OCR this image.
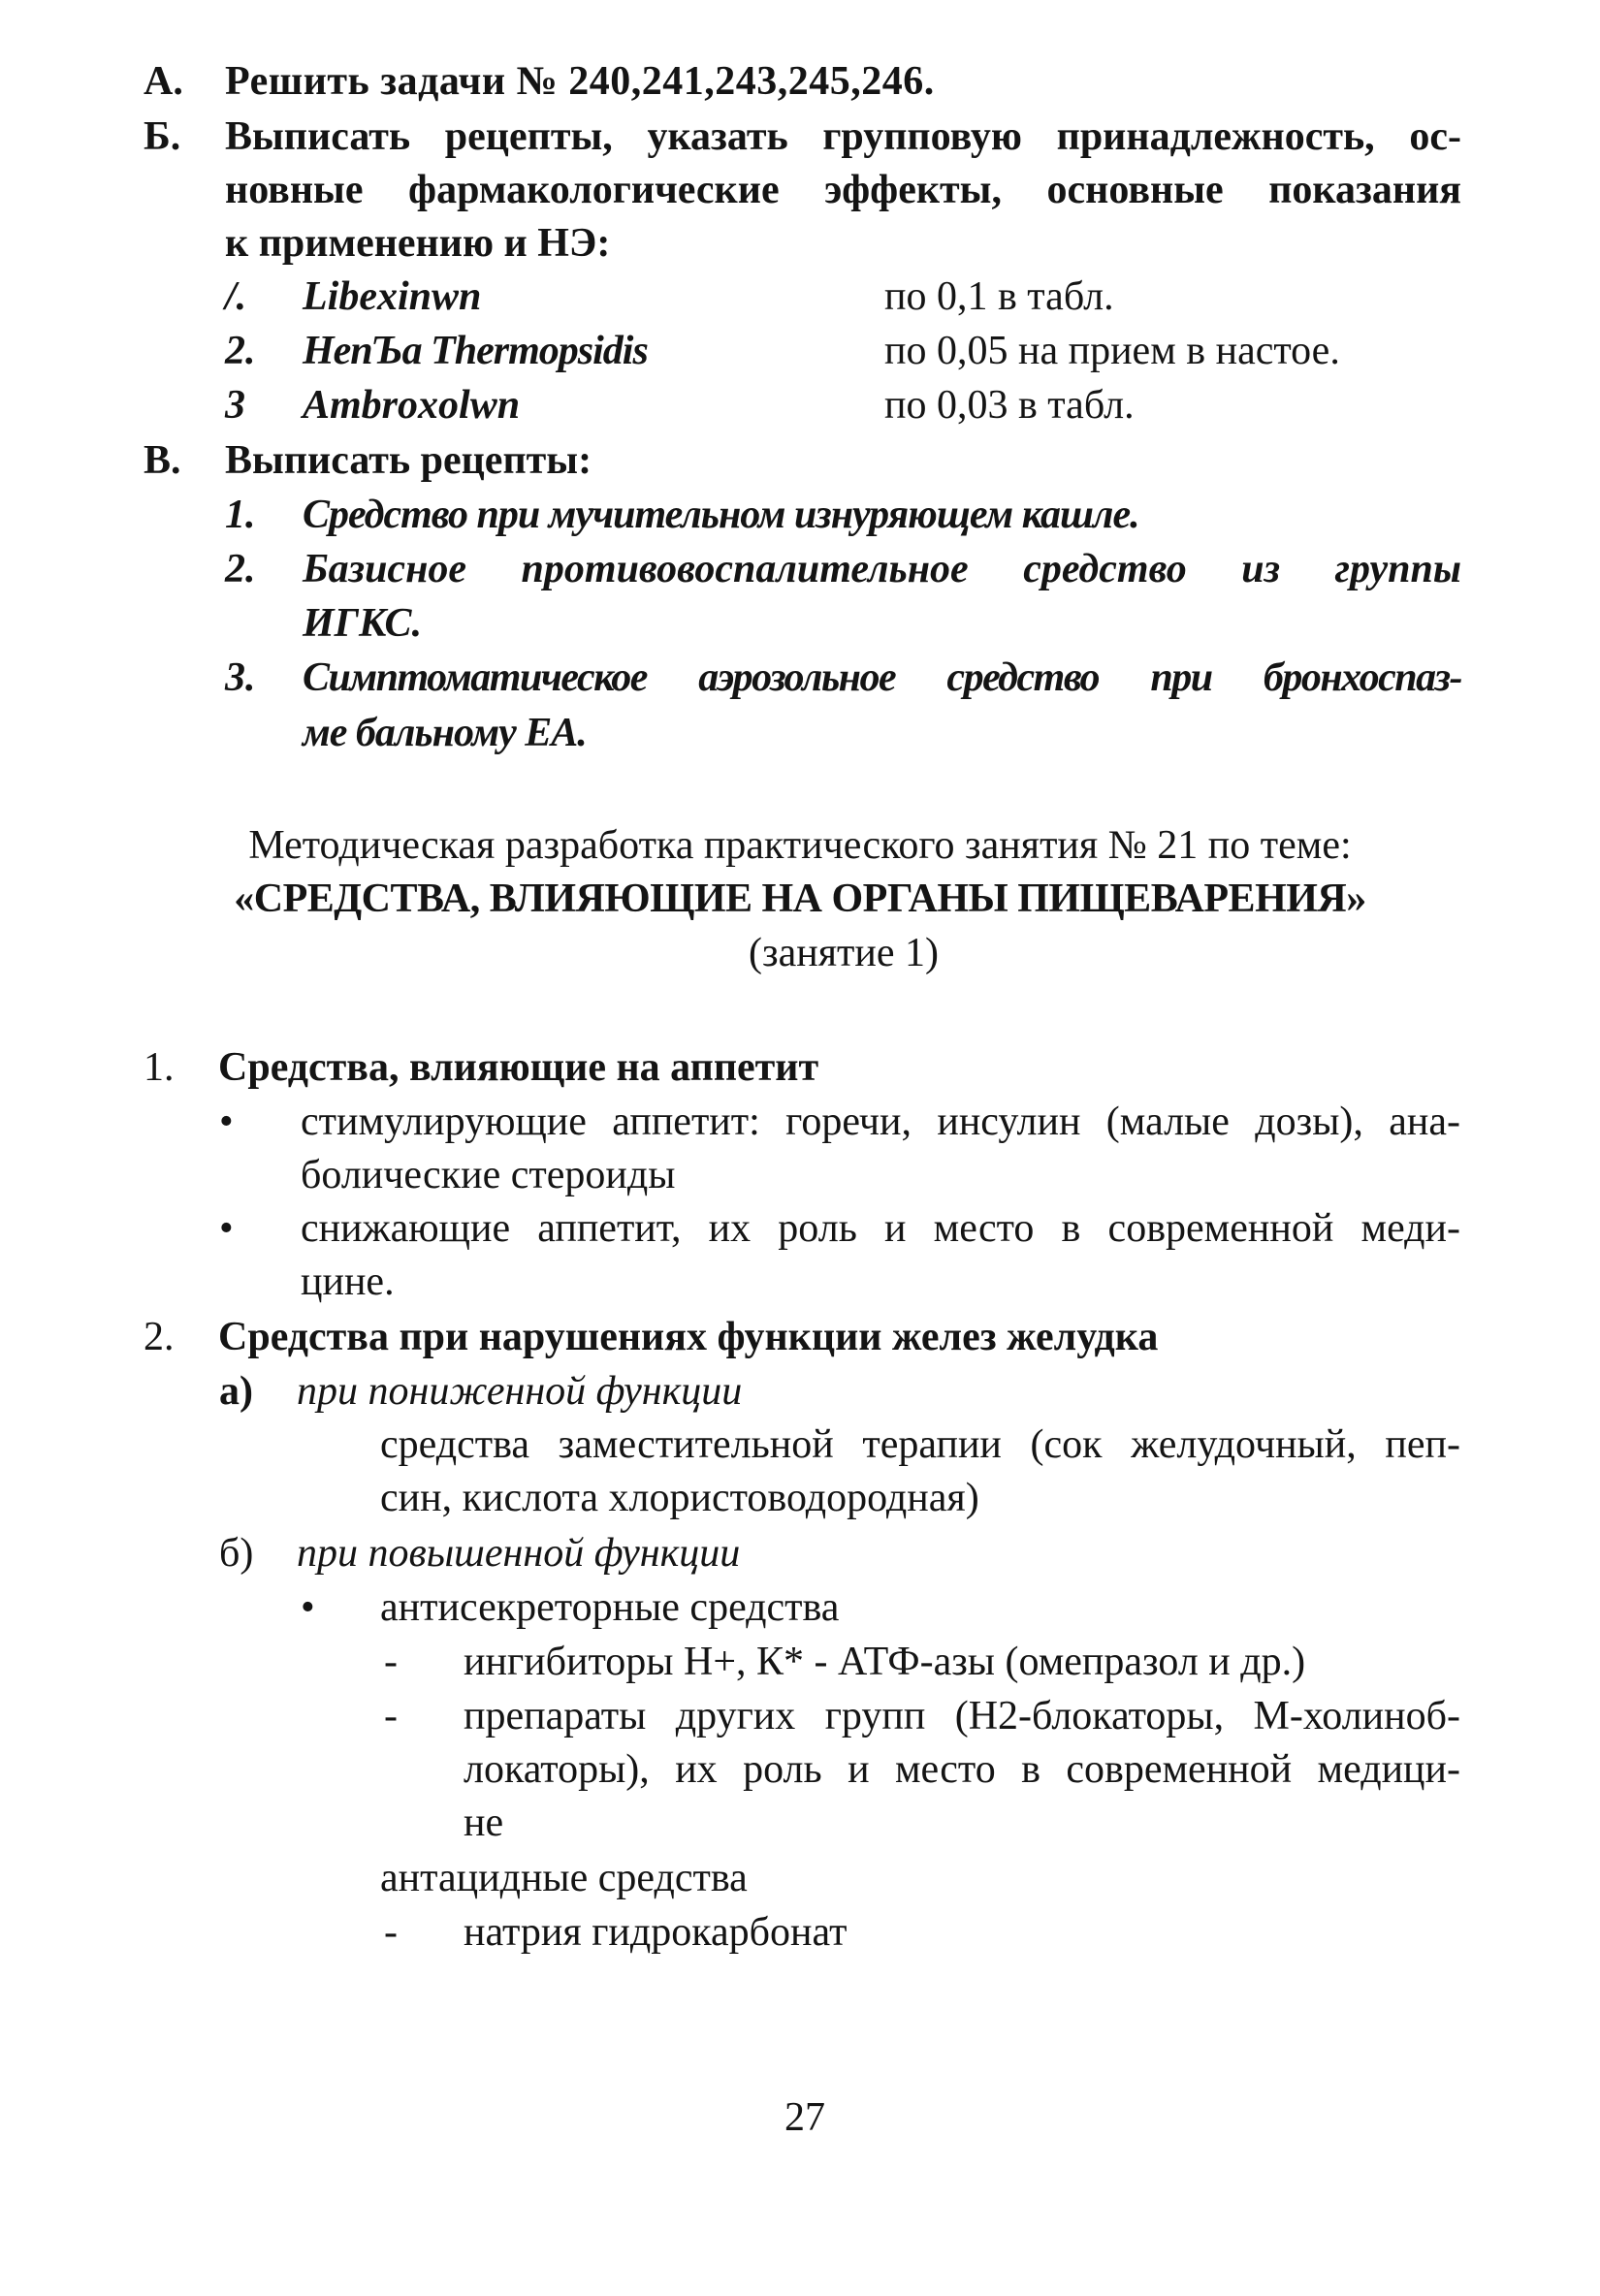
А. Решить задачи № 240,241,243,245,246.
Б. Выписать рецепты, указать групповую принадлежность, ос-
новные фармакологические эффекты, основные показания
к применению и НЭ:
/. Libexinwn	по 0,1 в табл.
2. HenЪa Thermopsidis	по 0,05 на прием в настое.
3 Ambroxolwn	по 0,03 в табл.
В. Выписать рецепты:
1. Средство при мучительном изнуряющем кашле.
2. Базисное противовоспалительное средство из группы
ИГКС.
3. Симптоматическое аэрозольное средство при бронхоспаз-
ме бальному ЕА.
Методическая разработка практического занятия № 21 по теме:
«СРЕДСТВА, ВЛИЯЮЩИЕ НА ОРГАНЫ ПИЩЕВАРЕНИЯ»
(занятие 1)
1. Средства, влияющие на аппетит
• стимулирующие аппетит: горечи, инсулин (малые дозы), ана-
болические стероиды
• снижающие аппетит, их роль и место в современной меди-
цине.
2. Средства при нарушениях функции желез желудка
а) при пониженной функции
средства заместительной терапии (сок желудочный, пеп-
син, кислота хлористоводородная)
б) при повышенной функции
• антисекреторные средства
- ингибиторы Н+, К* - АТФ-азы (омепразол и др.)
- препараты других групп (Н2-блокаторы, М-холиноб-
локаторы), их роль и место в современной медици-
не
антацидные средства
- натрия гидрокарбонат
27
